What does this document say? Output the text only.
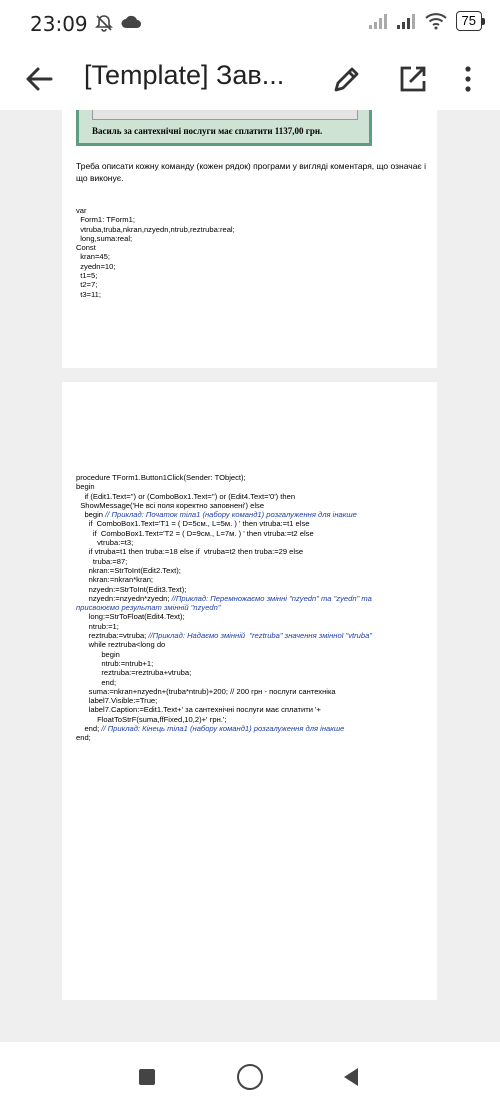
23:09	75
[Template] Зав...
Василь за сантехнічні послуги має сплатити 1137,00 грн.
Треба описати кожну команду (кожен рядок) програми у вигляді коментаря, що означає і що виконує.
var
Form1: TForm1;
vtruba,truba,nkran,nzyedn,ntrub,reztruba:real;
long,suma:real;
Const
kran=45;
zyedn=10;
t1=5;
t2=7;
t3=11;
procedure TForm1.Button1Click(Sender: TObject);
begin
if (Edit1.Text='') or (ComboBox1.Text='') or (Edit4.Text='0') then
ShowMessage('Не всі поля коректно заповнені') else
begin // Приклад: Початок тіла1 (набору команд1) розгалуження для інакше
if  ComboBox1.Text='T1 = ( D=5см., L=5м. ) ' then vtruba:=t1 else
if  ComboBox1.Text='T2 = ( D=9см., L=7м. ) ' then vtruba:=t2 else
vtruba:=t3;
if vtruba=t1 then truba:=18 else if  vtruba=t2 then truba:=29 else
truba:=87;
nkran:=StrToInt(Edit2.Text);
nkran:=nkran*kran;
nzyedn:=StrToInt(Edit3.Text);
nzyedn:=nzyedn*zyedn; //Приклад: Перемножаємо змінні "nzyedn" та "zyedn" та
присвоюємо результат змінній "nzyedn"
long:=StrToFloat(Edit4.Text);
ntrub:=1;
reztruba:=vtruba; //Приклад: Надаємо змінній  "reztruba" значення змінної "vtruba"
while reztruba<long do
begin
ntrub:=ntrub+1;
reztruba:=reztruba+vtruba;
end;
suma:=nkran+nzyedn+(truba*ntrub)+200; // 200 грн - послуги сантехніка
label7.Visible:=True;
label7.Caption:=Edit1.Text+' за сантехнічні послуги має сплатити '+
FloatToStrF(suma,ffFixed,10,2)+' грн.';
end; // Приклад: Кінець тіла1 (набору команд1) розгалуження для інакше
end;
